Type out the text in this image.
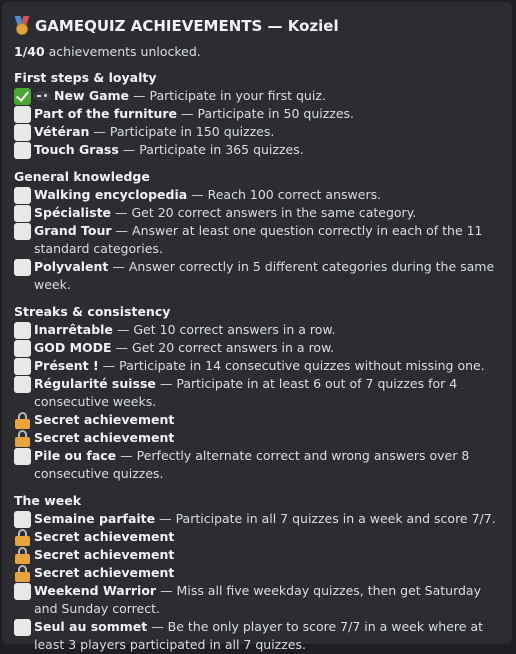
GAMEQUIZ ACHIEVEMENTS — Koziel
1/40 achievements unlocked.
First steps & loyalty
New Game — Participate in your first quiz.
Part of the furniture — Participate in 50 quizzes.
Vétéran — Participate in 150 quizzes.
Touch Grass — Participate in 365 quizzes.
General knowledge
Walking encyclopedia — Reach 100 correct answers.
Spécialiste — Get 20 correct answers in the same category.
Grand Tour — Answer at least one question correctly in each of the 11 standard categories.
Polyvalent — Answer correctly in 5 different categories during the same week.
Streaks & consistency
Inarrêtable — Get 10 correct answers in a row.
GOD MODE — Get 20 correct answers in a row.
Présent ! — Participate in 14 consecutive quizzes without missing one.
Régularité suisse — Participate in at least 6 out of 7 quizzes for 4 consecutive weeks.
Secret achievement
Secret achievement
Pile ou face — Perfectly alternate correct and wrong answers over 8 consecutive quizzes.
The week
Semaine parfaite — Participate in all 7 quizzes in a week and score 7/7.
Secret achievement
Secret achievement
Secret achievement
Weekend Warrior — Miss all five weekday quizzes, then get Saturday and Sunday correct.
Seul au sommet — Be the only player to score 7/7 in a week where at least 3 players participated in all 7 quizzes.
